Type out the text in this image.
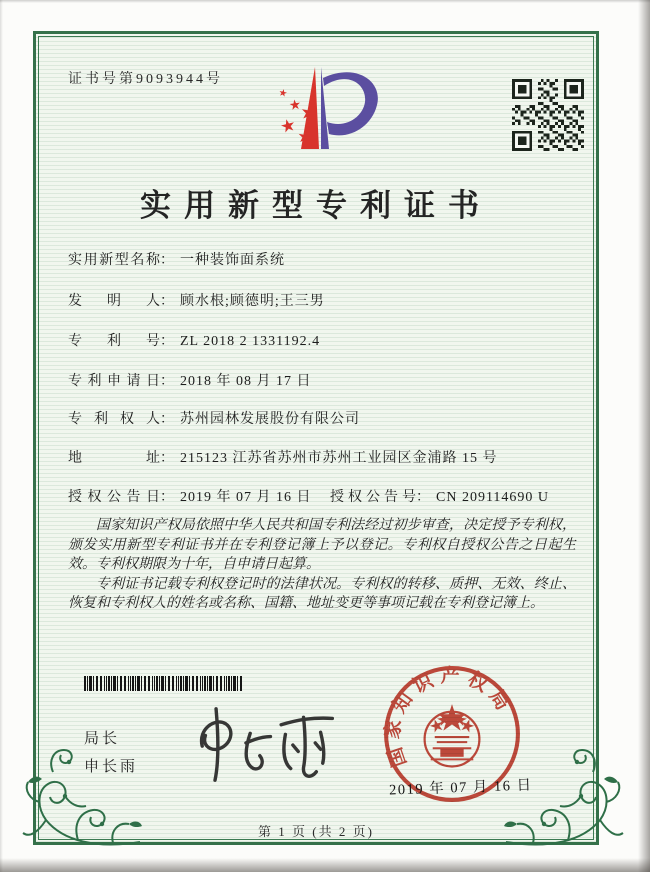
证书号第9093944号
实用新型专利证书
实用新型名称： 一种装饰面系统
发明人： 顾水根;顾德明;王三男
专利号： ZL 2018 2 1331192.4
专利申请日： 2018 年 08 月 17 日
专利权人： 苏州园林发展股份有限公司
地址： 215123 江苏省苏州市苏州工业园区金浦路 15 号
授权公告日： 2019 年 07 月 16 日 授权公告号： CN 209114690 U

国家知识产权局依照中华人民共和国专利法经过初步审查，决定授予专利权，颁发实用新型专利证书并在专利登记簿上予以登记。专利权自授权公告之日起生效。专利权期限为十年，自申请日起算。

专利证书记载专利权登记时的法律状况。专利权的转移、质押、无效、终止、恢复和专利权人的姓名或名称、国籍、地址变更等事项记载在专利登记簿上。

局长
申长雨	国家知识产权局
2019 年 07 月 16 日
第 1 页 (共 2 页)
